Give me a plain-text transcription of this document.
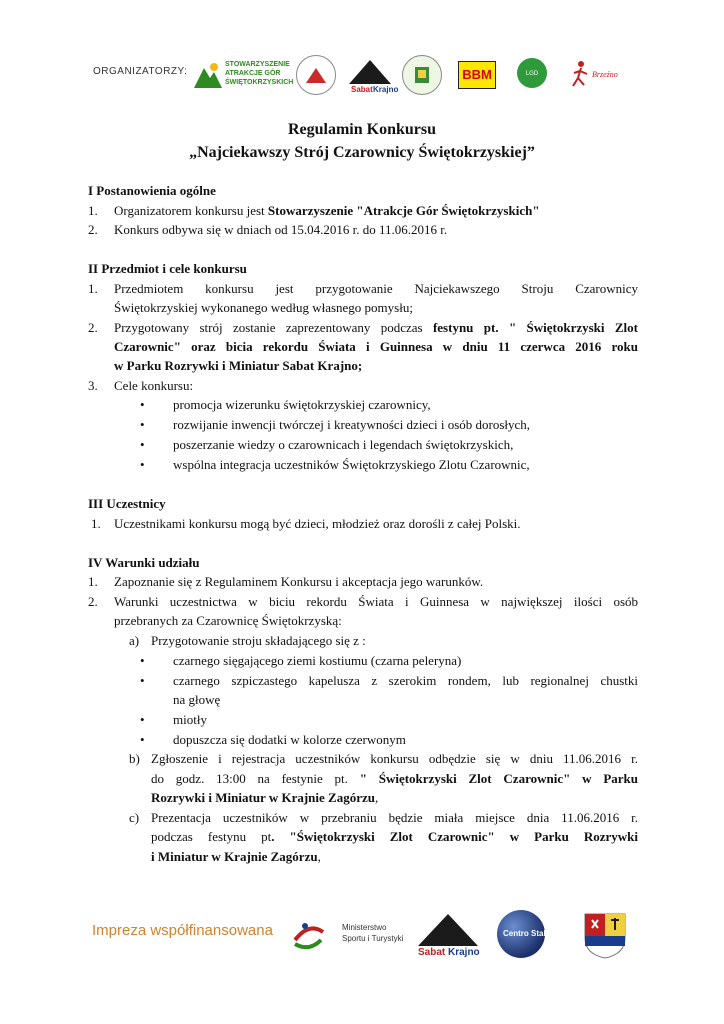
ORGANIZATORZY:
STOWARZYSZENIE
ATRAKCJE GÓR
ŚWIĘTOKRZYSKICH
Sabat Krajno
BBM	LGD	Brzeźno
Regulamin Konkursu
„Najciekawszy Strój Czarownicy Świętokrzyskiej”
I Postanowienia ogólne
1. Organizatorem konkursu jest Stowarzyszenie "Atrakcje Gór Świętokrzyskich"
2. Konkurs odbywa się w dniach od 15.04.2016 r. do 11.06.2016 r.
II Przedmiot i cele konkursu
1. Przedmiotem konkursu jest przygotowanie Najciekawszego Stroju Czarownicy
Świętokrzyskiej wykonanego według własnego pomysłu;
2. Przygotowany strój zostanie zaprezentowany podczas festynu pt. " Świętokrzyski Zlot
Czarownic" oraz bicia rekordu Świata i Guinnesa w dniu 11 czerwca 2016 roku
w Parku Rozrywki i Miniatur Sabat Krajno;
3. Cele konkursu:
• promocja wizerunku świętokrzyskiej czarownicy,
• rozwijanie inwencji twórczej i kreatywności dzieci i osób dorosłych,
• poszerzanie wiedzy o czarownicach i legendach świętokrzyskich,
• wspólna integracja uczestników Świętokrzyskiego Zlotu Czarownic,
III Uczestnicy
1. Uczestnikami konkursu mogą być dzieci, młodzież oraz dorośli z całej Polski.
IV Warunki udziału
1. Zapoznanie się z Regulaminem Konkursu i akceptacja jego warunków.
2. Warunki uczestnictwa w biciu rekordu Świata i Guinnesa w największej ilości osób
przebranych za Czarownicę Świętokrzyską:
a) Przygotowanie stroju składającego się z :
• czarnego sięgającego ziemi kostiumu (czarna peleryna)
• czarnego szpiczastego kapelusza z szerokim rondem, lub regionalnej chustki
na głowę
• miotły
• dopuszcza się dodatki w kolorze czerwonym
b) Zgłoszenie i rejestracja uczestników konkursu odbędzie się w dniu 11.06.2016 r.
do godz. 13:00 na festynie pt. " Świętokrzyski Zlot Czarownic" w Parku
Rozrywki i Miniatur w Krajnie Zagórzu,
c) Prezentacja uczestników w przebraniu będzie miała miejsce dnia 11.06.2016 r.
podczas festynu pt. "Świętokrzyski Zlot Czarownic" w Parku Rozrywki
i Miniatur w Krajnie Zagórzu,
Impreza współfinansowana	Ministerstwo
Sportu i Turystyki
Sabat Krajno
Centro Stal
